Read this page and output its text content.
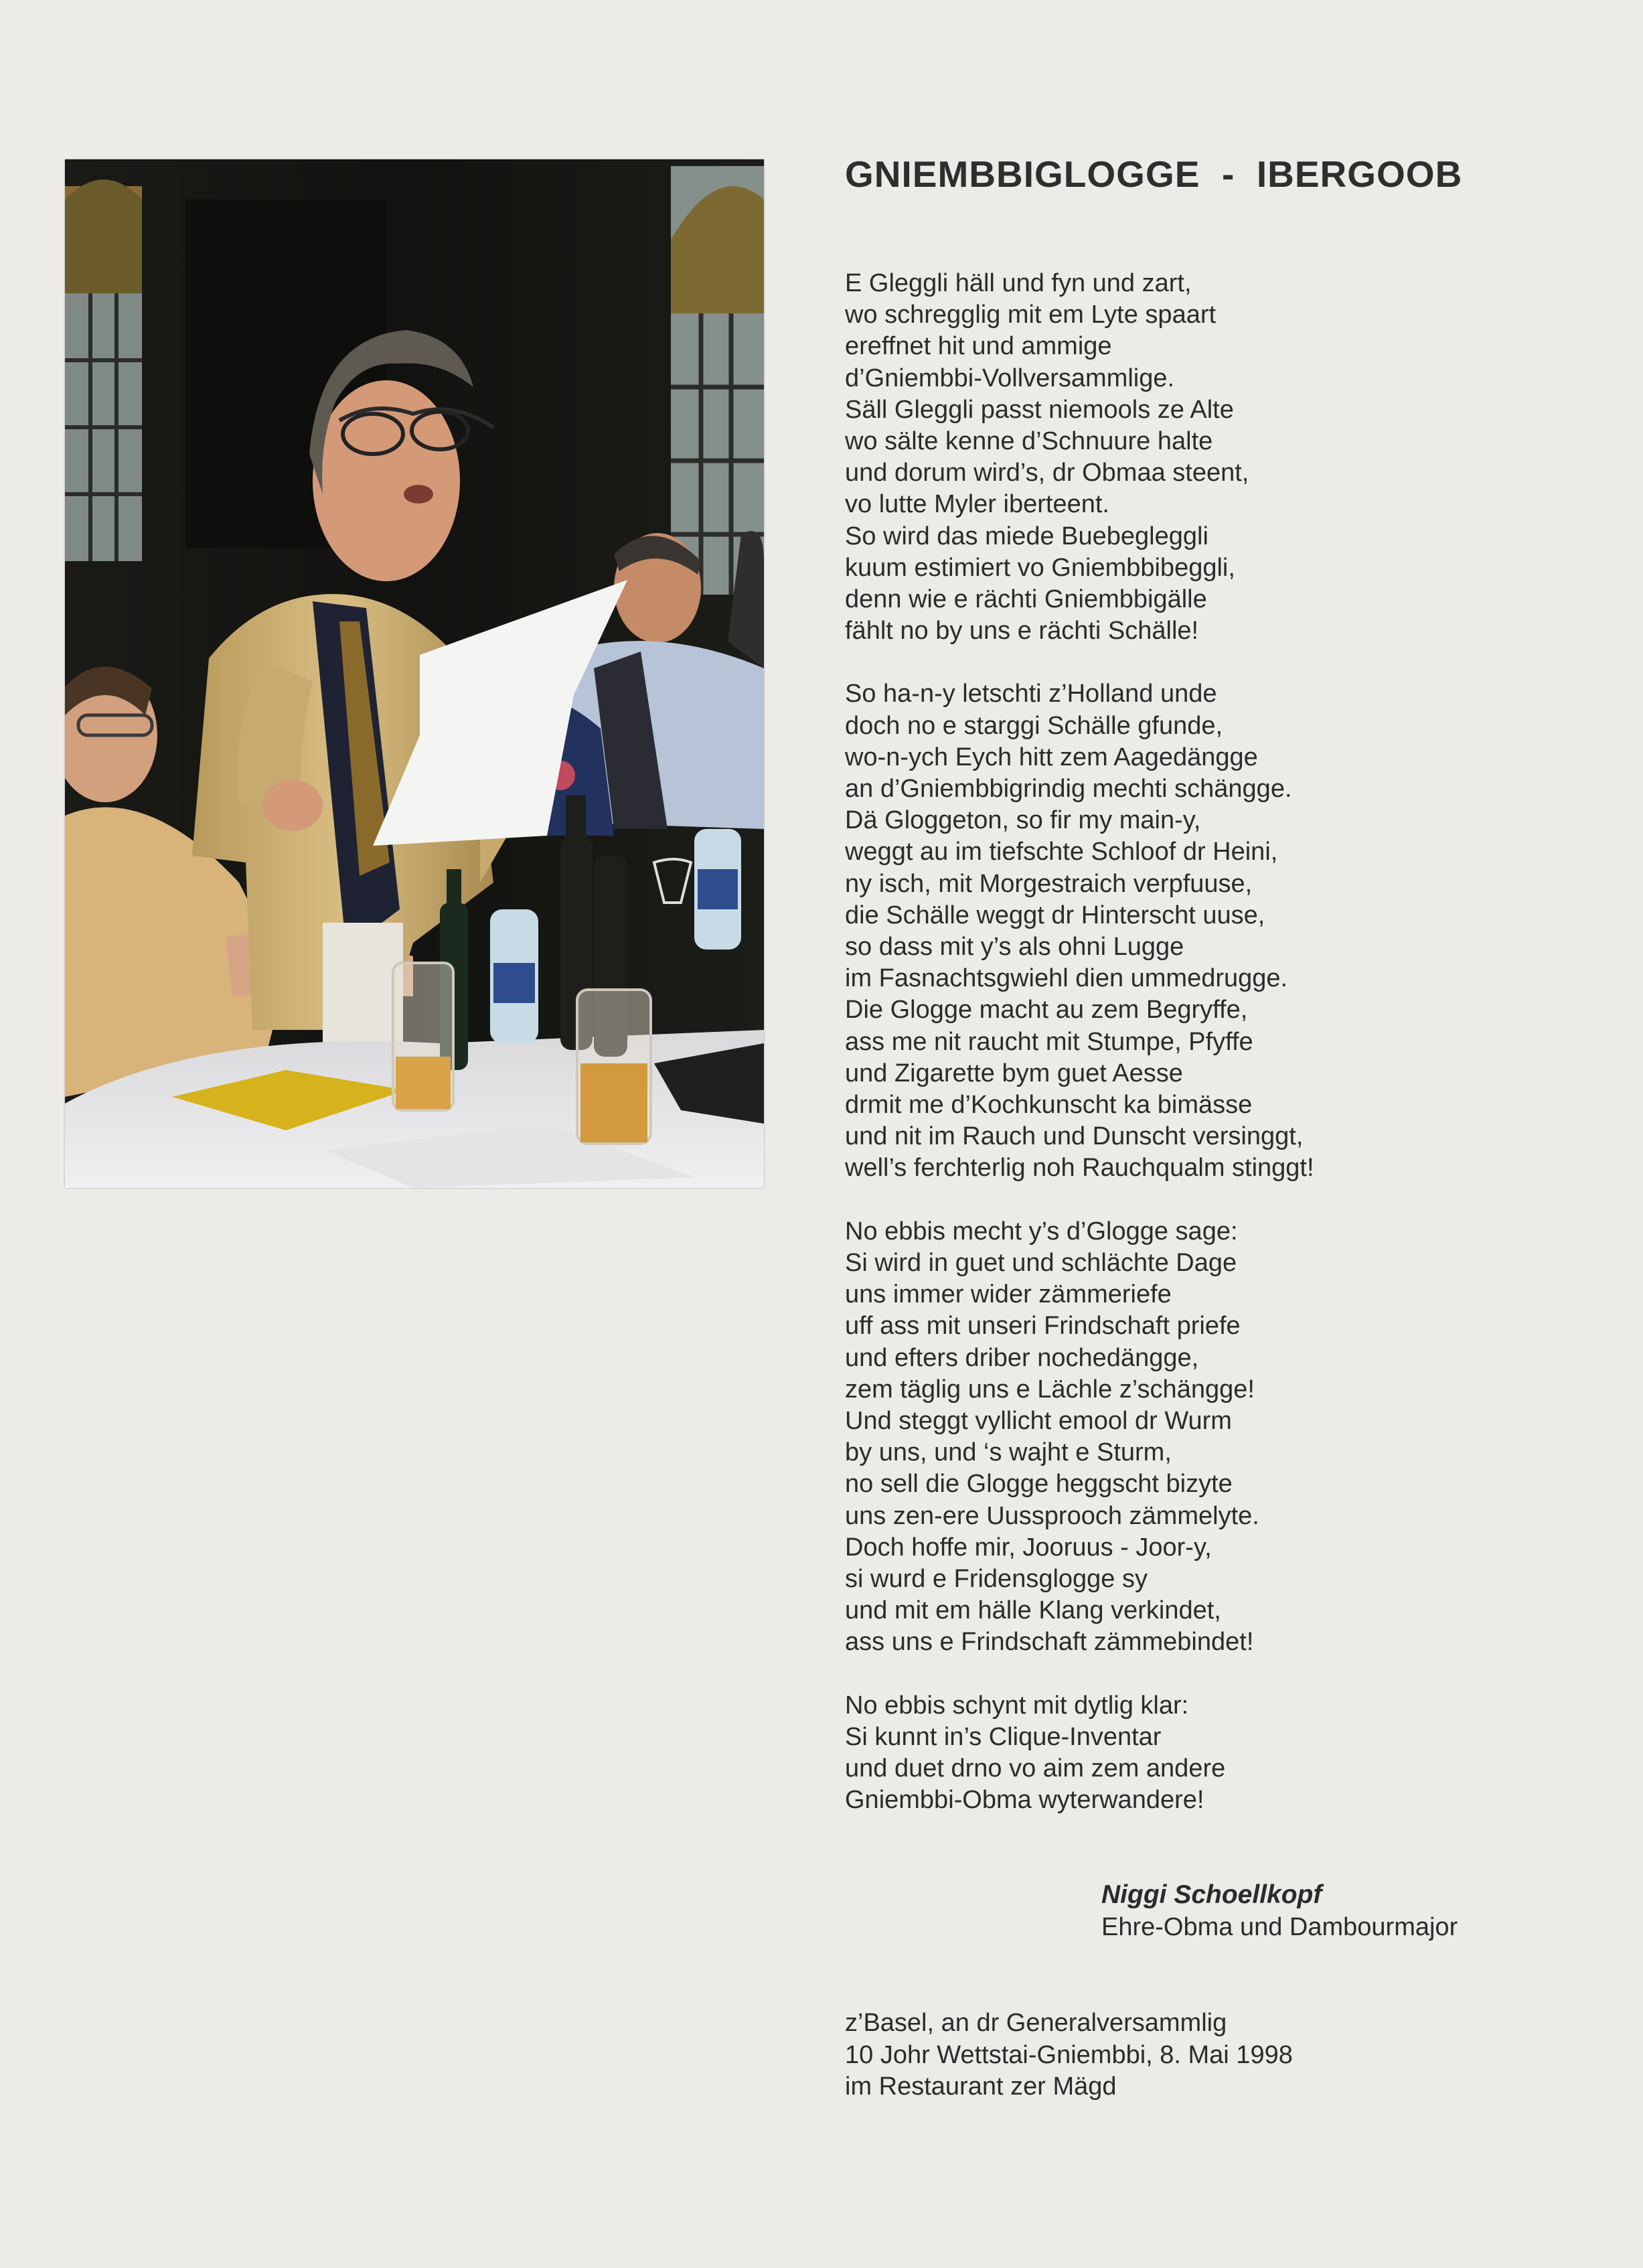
GNIEMBBIGLOGGE  -  IBERGOOB
E Gleggli häll und fyn und zart,
wo schregglig mit em Lyte spaart
ereffnet hit und ammige
d’Gniembbi-Vollversammlige.
Säll Gleggli passt niemools ze Alte
wo sälte kenne d’Schnuure halte
und dorum wird’s, dr Obmaa steent,
vo lutte Myler iberteent.
So wird das miede Buebegleggli
kuum estimiert vo Gniembbibeggli,
denn wie e rächti Gniembbigälle
fählt no by uns e rächti Schälle!
So ha-n-y letschti z’Holland unde
doch no e starggi Schälle gfunde,
wo-n-ych Eych hitt zem Aagedängge
an d’Gniembbigrindig mechti schängge.
Dä Gloggeton, so fir my main-y,
weggt au im tiefschte Schloof dr Heini,
ny isch, mit Morgestraich verpfuuse,
die Schälle weggt dr Hinterscht uuse,
so dass mit y’s als ohni Lugge
im Fasnachtsgwiehl dien ummedrugge.
Die Glogge macht au zem Begryffe,
ass me nit raucht mit Stumpe, Pfyffe
und Zigarette bym guet Aesse
drmit me d’Kochkunscht ka bimässe
und nit im Rauch und Dunscht versinggt,
well’s ferchterlig noh Rauchqualm stinggt!
No ebbis mecht y’s d’Glogge sage:
Si wird in guet und schlächte Dage
uns immer wider zämmeriefe
uff ass mit unseri Frindschaft priefe
und efters driber nochedängge,
zem täglig uns e Lächle z’schängge!
Und steggt vyllicht emool dr Wurm
by uns, und ‘s wajht e Sturm,
no sell die Glogge heggscht bizyte
uns zen-ere Uussprooch zämmelyte.
Doch hoffe mir, Jooruus - Joor-y,
si wurd e Fridensglogge sy
und mit em hälle Klang verkindet,
ass uns e Frindschaft zämmebindet!
No ebbis schynt mit dytlig klar:
Si kunnt in’s Clique-Inventar
und duet drno vo aim zem andere
Gniembbi-Obma wyterwandere!
Niggi Schoellkopf
Ehre-Obma und Dambourmajor
z’Basel, an dr Generalversammlig
10 Johr Wettstai-Gniembbi, 8. Mai 1998
im Restaurant zer Mägd
